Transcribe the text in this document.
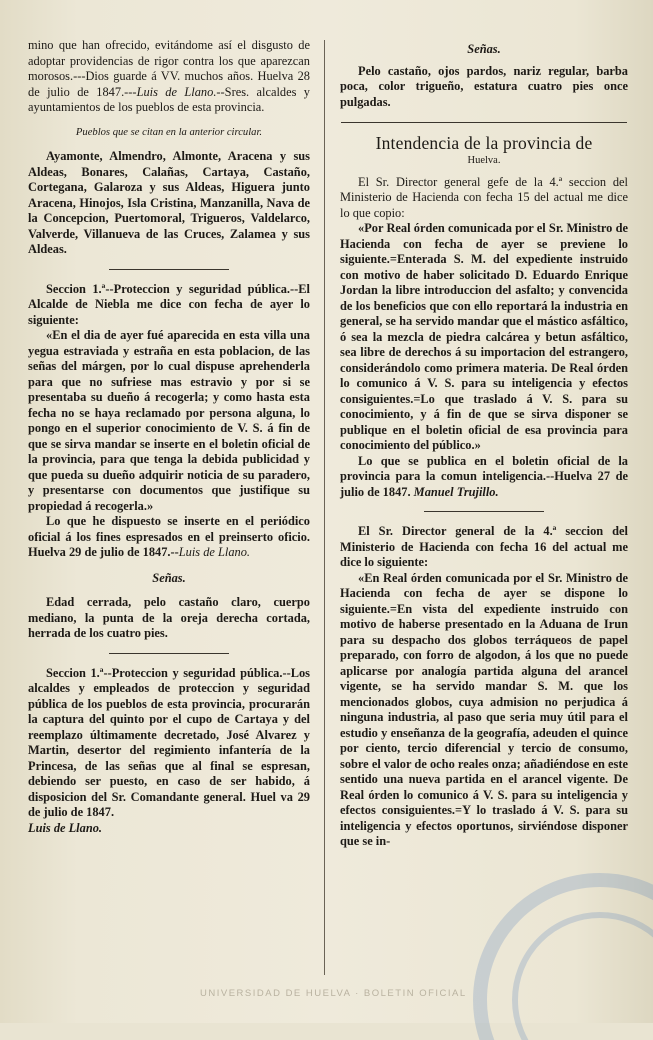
mino que han ofrecido, evitándome así el disgusto de adoptar providencias de rigor contra los que aparezcan morosos.---Dios guarde á VV. muchos años. Huelva 28 de julio de 1847.---Luis de Llano.--Sres. alcaldes y ayuntamientos de los pueblos de esta provincia.

Pueblos que se citan en la anterior circular.

Ayamonte, Almendro, Almonte, Aracena y sus Aldeas, Bonares, Calañas, Cartaya, Castaño, Cortegana, Galaroza y sus Aldeas, Higuera junto Aracena, Hinojos, Isla Cristina, Manzanilla, Nava de la Concepcion, Puertomoral, Trigueros, Valdelarco, Valverde, Villanueva de las Cruces, Zalamea y sus Aldeas.

Seccion 1.ª--Proteccion y seguridad pública.--El Alcalde de Niebla me dice con fecha de ayer lo siguiente:

«En el dia de ayer fué aparecida en esta villa una yegua estraviada y estraña en esta poblacion, de las señas del márgen, por lo cual dispuse aprehenderla para que no sufriese mas estravio y por si se presentaba su dueño á recogerla; y como hasta esta fecha no se haya reclamado por persona alguna, lo pongo en el superior conocimiento de V. S. á fin de que se sirva mandar se inserte en el boletin oficial de la provincia, para que tenga la debida publicidad y que pueda su dueño adquirir noticia de su paradero, y presentarse con documentos que justifique su propiedad á recogerla.»

Lo que he dispuesto se inserte en el periódico oficial á los fines espresados en el preinserto oficio. Huelva 29 de julio de 1847.--Luis de Llano.

Señas.

Edad cerrada, pelo castaño claro, cuerpo mediano, la punta de la oreja derecha cortada, herrada de los cuatro pies.

Seccion 1.ª--Proteccion y seguridad pública.--Los alcaldes y empleados de proteccion y seguridad pública de los pueblos de esta provincia, procurarán la captura del quinto por el cupo de Cartaya y del reemplazo últimamente decretado, José Alvarez y Martin, desertor del regimiento infantería de la Princesa, de las señas que al final se espresan, debiendo ser puesto, en caso de ser habido, á disposicion del Sr. Comandante general. Huel va 29 de julio de 1847.

Luis de Llano.

Señas.

Pelo castaño, ojos pardos, nariz regular, barba poca, color trigueño, estatura cuatro pies once pulgadas.

Intendencia de la provincia de

Huelva.

El Sr. Director general gefe de la 4.ª seccion del Ministerio de Hacienda con fecha 15 del actual me dice lo que copio:

«Por Real órden comunicada por el Sr. Ministro de Hacienda con fecha de ayer se previene lo siguiente.=Enterada S. M. del expediente instruido con motivo de haber solicitado D. Eduardo Enrique Jordan la libre introduccion del asfalto; y convencida de los beneficios que con ello reportará la industria en general, se ha servido mandar que el mástico asfáltico, ó sea la mezcla de piedra calcárea y betun asfáltico, sea libre de derechos á su importacion del estrangero, considerándolo como primera materia. De Real órden lo comunico á V. S. para su inteligencia y efectos consiguientes.=Lo que traslado á V. S. para su conocimiento, y á fin de que se sirva disponer se publique en el boletin oficial de esa provincia para conocimiento del público.»

Lo que se publica en el boletin oficial de la provincia para la comun inteligencia.--Huelva 27 de julio de 1847. Manuel Trujillo.

El Sr. Director general de la 4.ª seccion del Ministerio de Hacienda con fecha 16 del actual me dice lo siguiente:

«En Real órden comunicada por el Sr. Ministro de Hacienda con fecha de ayer se dispone lo siguiente.=En vista del expediente instruido con motivo de haberse presentado en la Aduana de Irun para su despacho dos globos terráqueos de papel preparado, con forro de algodon, á los que no puede aplicarse por analogía partida alguna del arancel vigente, se ha servido mandar S. M. que los mencionados globos, cuya admision no perjudica á ninguna industria, al paso que seria muy útil para el estudio y enseñanza de la geografía, adeuden el quince por ciento, tercio diferencial y tercio de consumo, sobre el valor de ocho reales onza; añadiéndose en este sentido una nueva partida en el arancel vigente. De Real órden lo comunico á V. S. para su inteligencia y efectos consiguientes.=Y lo traslado á V. S. para su inteligencia y efectos oportunos, sirviéndose disponer que se in-

UNIVERSIDAD DE HUELVA · BOLETIN OFICIAL
